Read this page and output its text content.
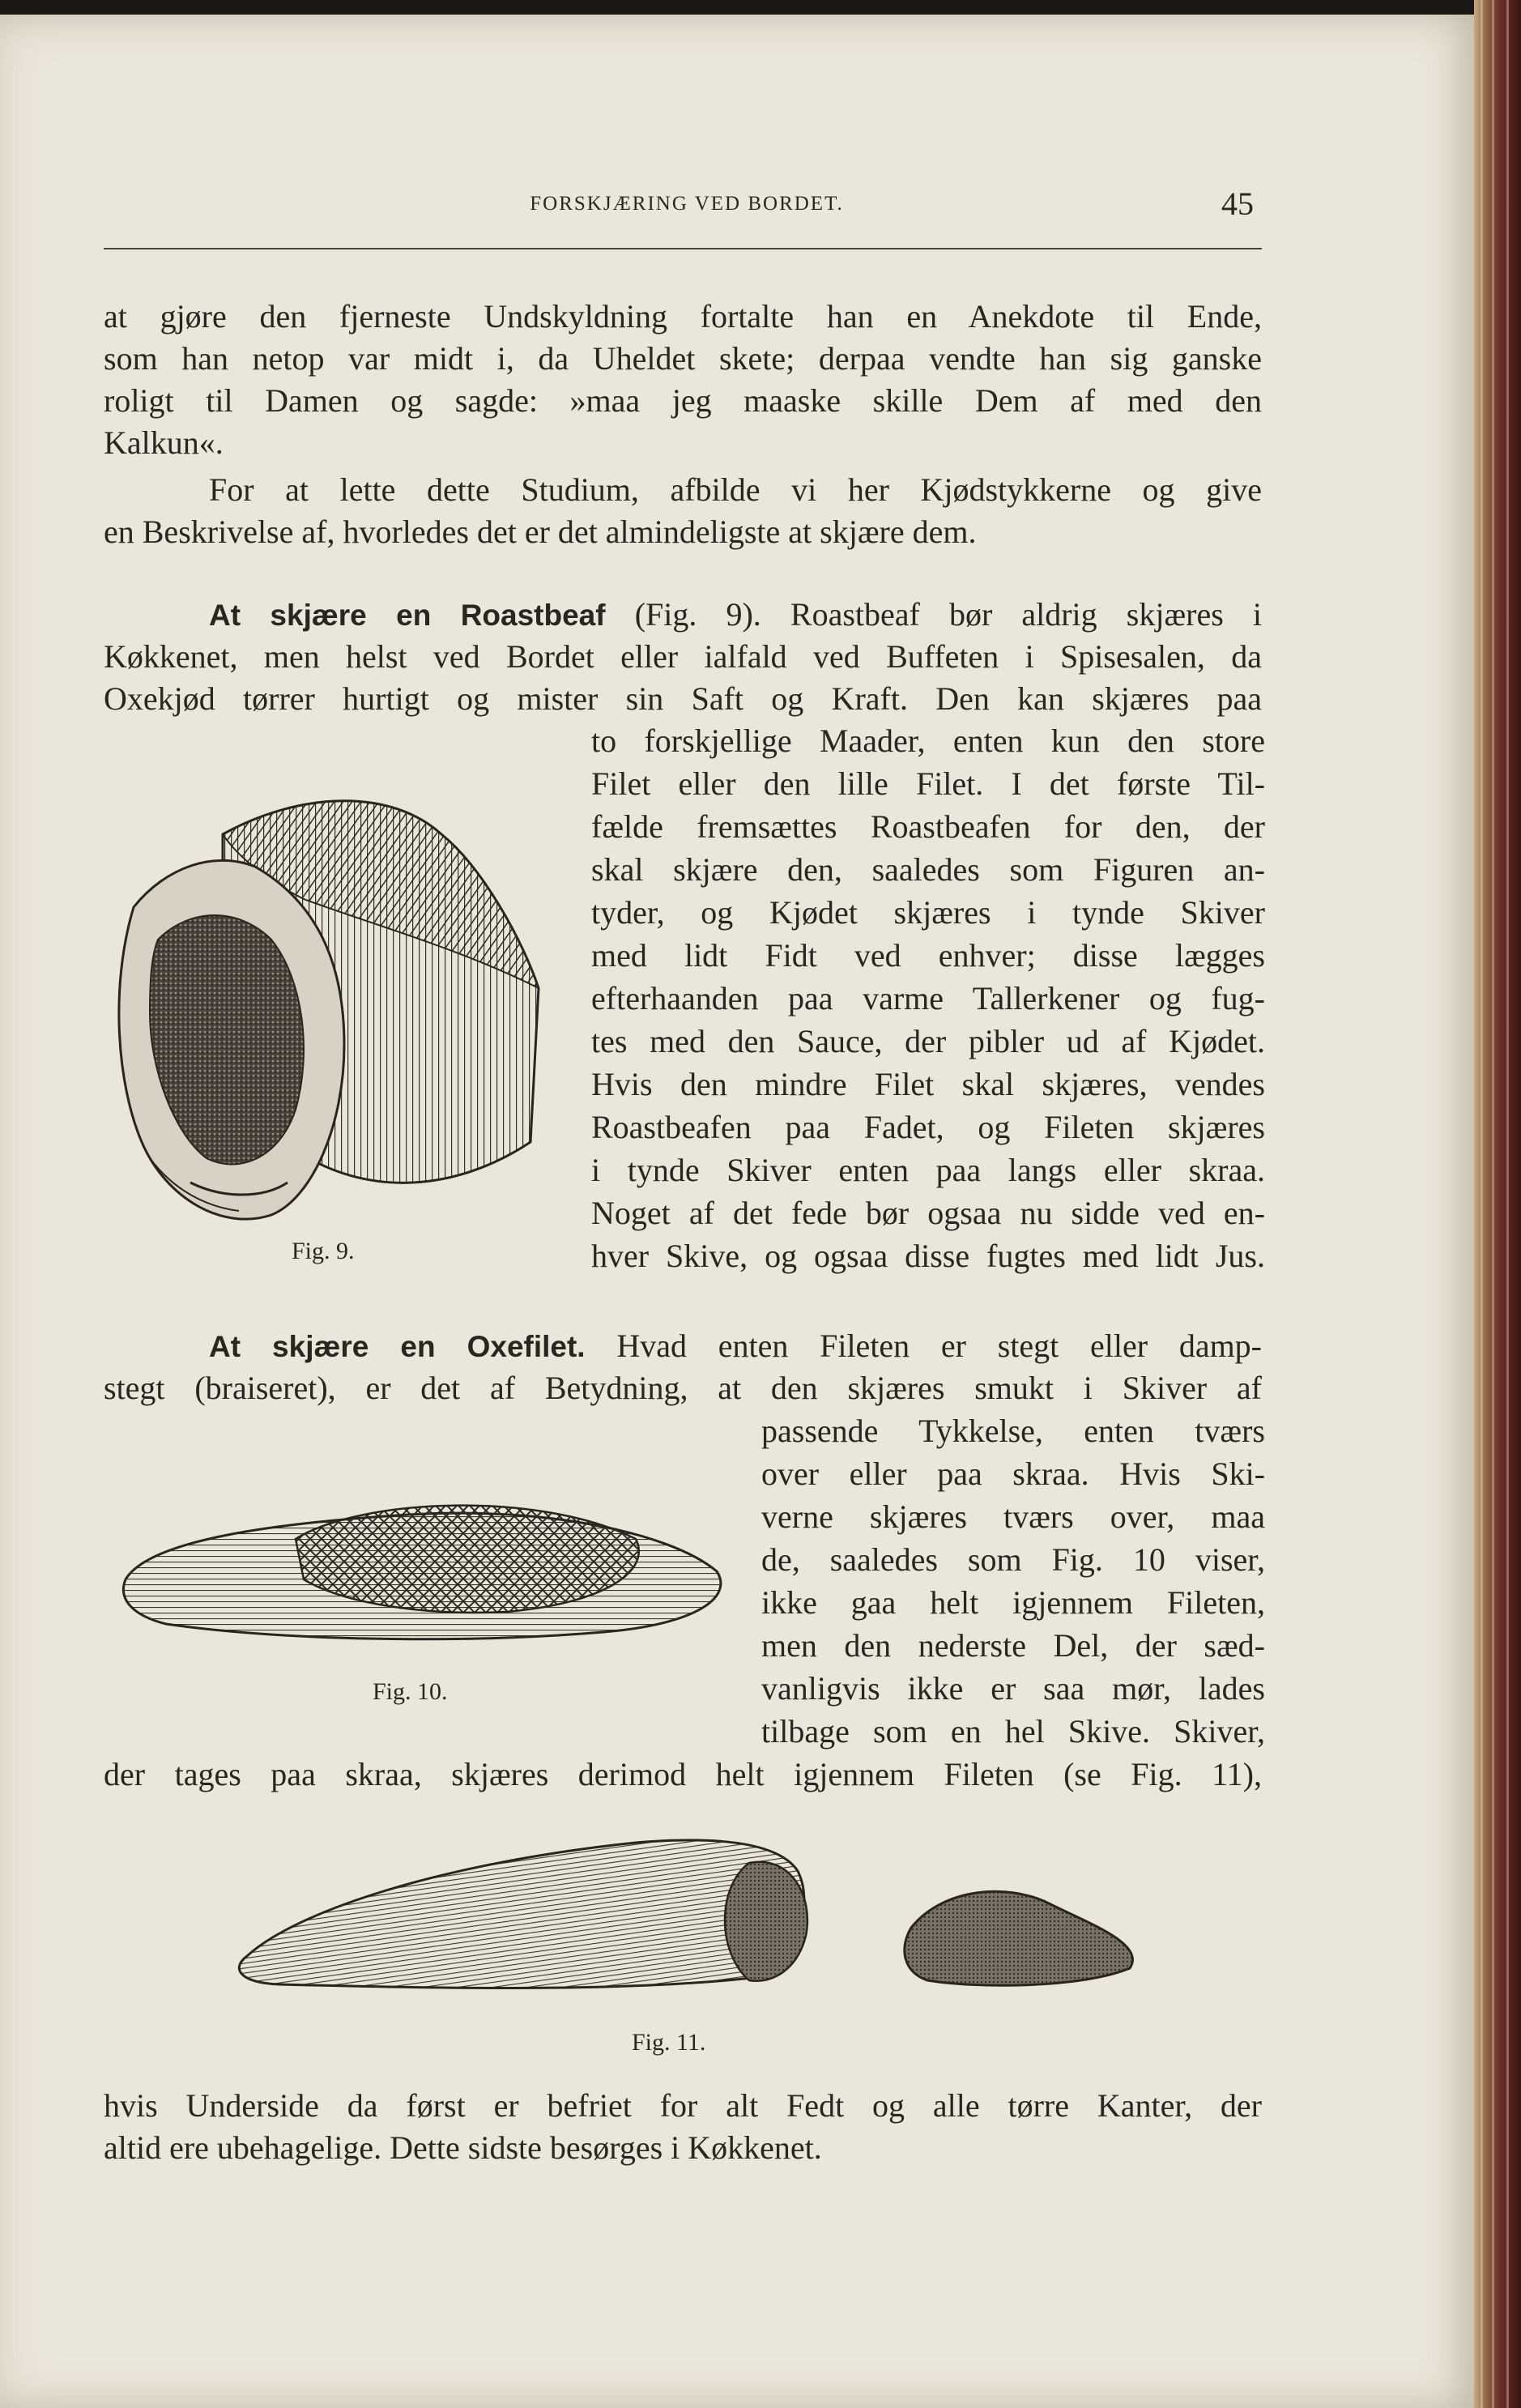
FORSKJÆRING VED BORDET.	45
at gjøre den fjerneste Undskyldning fortalte han en Anekdote til Ende,
som han netop var midt i, da Uheldet skete; derpaa vendte han sig ganske
roligt til Damen og sagde: »maa jeg maaske skille Dem af med den
Kalkun«.
For at lette dette Studium, afbilde vi her Kjødstykkerne og give
en Beskrivelse af, hvorledes det er det almindeligste at skjære dem.
At skjære en Roastbeaf (Fig. 9). Roastbeaf bør aldrig skjæres i
Køkkenet, men helst ved Bordet eller ialfald ved Buffeten i Spisesalen, da
Oxekjød tørrer hurtigt og mister sin Saft og Kraft. Den kan skjæres paa
to forskjellige Maader, enten kun den store
Filet eller den lille Filet. I det første Til-
fælde fremsættes Roastbeafen for den, der
skal skjære den, saaledes som Figuren an-
tyder, og Kjødet skjæres i tynde Skiver
med lidt Fidt ved enhver; disse lægges
efterhaanden paa varme Tallerkener og fug-
tes med den Sauce, der pibler ud af Kjødet.
Hvis den mindre Filet skal skjæres, vendes
Roastbeafen paa Fadet, og Fileten skjæres
i tynde Skiver enten paa langs eller skraa.
Noget af det fede bør ogsaa nu sidde ved en-
hver Skive, og ogsaa disse fugtes med lidt Jus.
Fig. 9.
At skjære en Oxefilet. Hvad enten Fileten er stegt eller damp-
stegt (braiseret), er det af Betydning, at den skjæres smukt i Skiver af
passende Tykkelse, enten tværs
over eller paa skraa. Hvis Ski-
verne skjæres tværs over, maa
de, saaledes som Fig. 10 viser,
ikke gaa helt igjennem Fileten,
men den nederste Del, der sæd-
vanligvis ikke er saa mør, lades
tilbage som en hel Skive. Skiver,
der tages paa skraa, skjæres derimod helt igjennem Fileten (se Fig. 11),
Fig. 10.
Fig. 11.
hvis Underside da først er befriet for alt Fedt og alle tørre Kanter, der
altid ere ubehagelige. Dette sidste besørges i Køkkenet.
